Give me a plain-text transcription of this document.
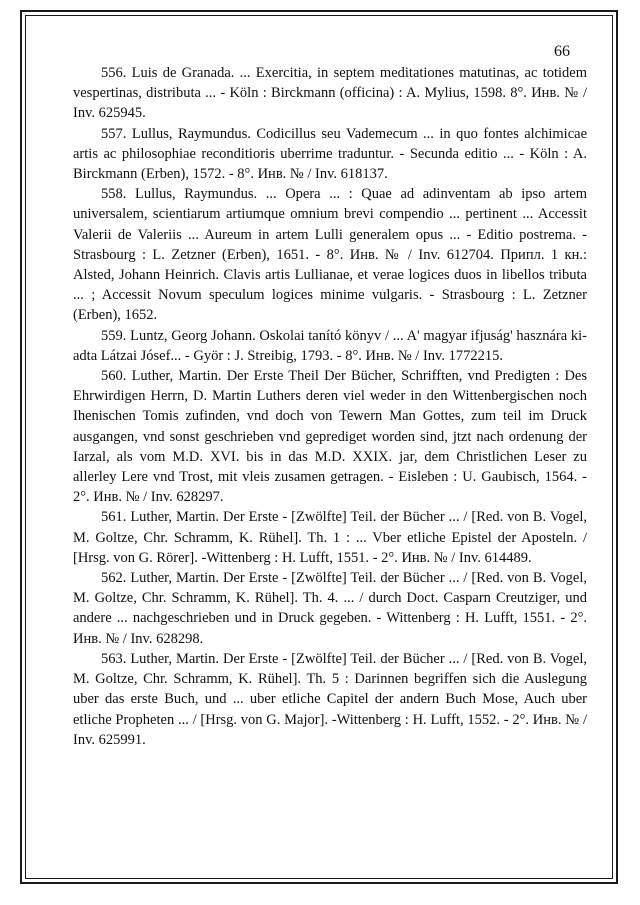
66

556. Luis de Granada. ... Exercitia, in septem meditationes matutinas, ac totidem vespertinas, distributa ... - Köln : Birckmann (officina) : A. Mylius, 1598. 8°. Инв. № / Inv. 625945.

557. Lullus, Raymundus. Codicillus seu Vademecum ... in quo fontes alchimicae artis ac philosophiae reconditioris uberrime traduntur. - Secunda editio ... - Köln : A. Birckmann (Erben), 1572. - 8°. Инв. № / Inv. 618137.

558. Lullus, Raymundus. ... Opera ... : Quae ad adinventam ab ipso artem universalem, scientiarum artiumque omnium brevi compendio ... pertinent ... Accessit Valerii de Valeriis ... Aureum in artem Lulli generalem opus ... - Editio postrema. - Strasbourg : L. Zetzner (Erben), 1651. - 8°. Инв. № / Inv. 612704. Припл. 1 кн.: Alsted, Johann Heinrich. Clavis artis Lullianae, et verae logices duos in libellos tributa ... ; Accessit Novum speculum logices minime vulgaris. - Strasbourg : L. Zetzner (Erben), 1652.

559. Luntz, Georg Johann. Oskolai tanító könyv / ... A' magyar ifjuság' hasznára ki-adta Látzai Jósef... - Györ : J. Streibig, 1793. - 8°. Инв. № / Inv. 1772215.

560. Luther, Martin. Der Erste Theil Der Bücher, Schrifften, vnd Predigten : Des Ehrwirdigen Herrn, D. Martin Luthers deren viel weder in den Wittenbergischen noch Ihenischen Tomis zufinden, vnd doch von Tewern Man Gottes, zum teil im Druck ausgangen, vnd sonst geschrieben vnd geprediget worden sind, jtzt nach ordenung der Iarzal, als vom M.D. XVI. bis in das M.D. XXIX. jar, dem Christlichen Leser zu allerley Lere vnd Trost, mit vleis zusamen getragen. - Eisleben : U. Gaubisch, 1564. - 2°. Инв. № / Inv. 628297.

561. Luther, Martin. Der Erste - [Zwölfte] Teil. der Bücher ... / [Red. von B. Vogel, M. Goltze, Chr. Schramm, K. Rühel]. Th. 1 : ... Vber etliche Epistel der Aposteln. / [Hrsg. von G. Rörer]. -Wittenberg : H. Lufft, 1551. - 2°. Инв. № / Inv. 614489.

562. Luther, Martin. Der Erste - [Zwölfte] Teil. der Bücher ... / [Red. von B. Vogel, M. Goltze, Chr. Schramm, K. Rühel]. Th. 4. ... / durch Doct. Casparn Creutziger, und andere ... nachgeschrieben und in Druck gegeben. - Wittenberg : H. Lufft, 1551. - 2°. Инв. № / Inv. 628298.

563. Luther, Martin. Der Erste - [Zwölfte] Teil. der Bücher ... / [Red. von B. Vogel, M. Goltze, Chr. Schramm, K. Rühel]. Th. 5 : Darinnen begriffen sich die Auslegung uber das erste Buch, und ... uber etliche Capitel der andern Buch Mose, Auch uber etliche Propheten ... / [Hrsg. von G. Major]. -Wittenberg : H. Lufft, 1552. - 2°. Инв. № / Inv. 625991.
